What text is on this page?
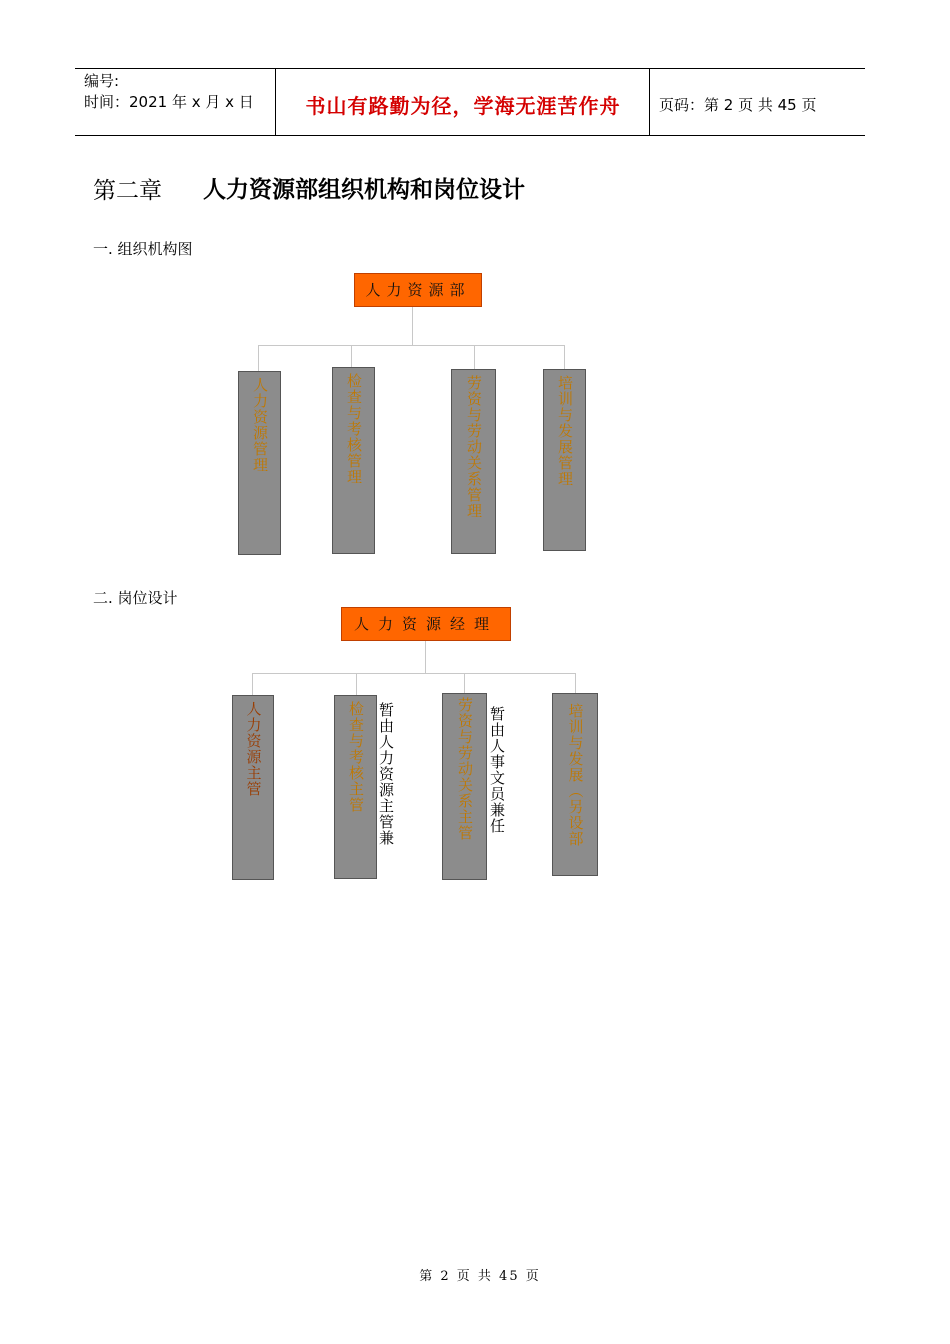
编号:
时间：2021 年 x 月 x 日	书山有路勤为径，学海无涯苦作舟	页码：第 2 页 共 45 页
第二章 人力资源部组织机构和岗位设计
一. 组织机构图
人力资源部
人力资源管理	检查与考核管理	劳资与劳动关系管理	培训与发展管理
二. 岗位设计
人力资源经理
人力资源主管	检查与考核主管	劳资与劳动关系主管	培训与发展（另设部
暂由人力资源主管兼	暂由人事文员兼任
第 2 页 共 45 页
